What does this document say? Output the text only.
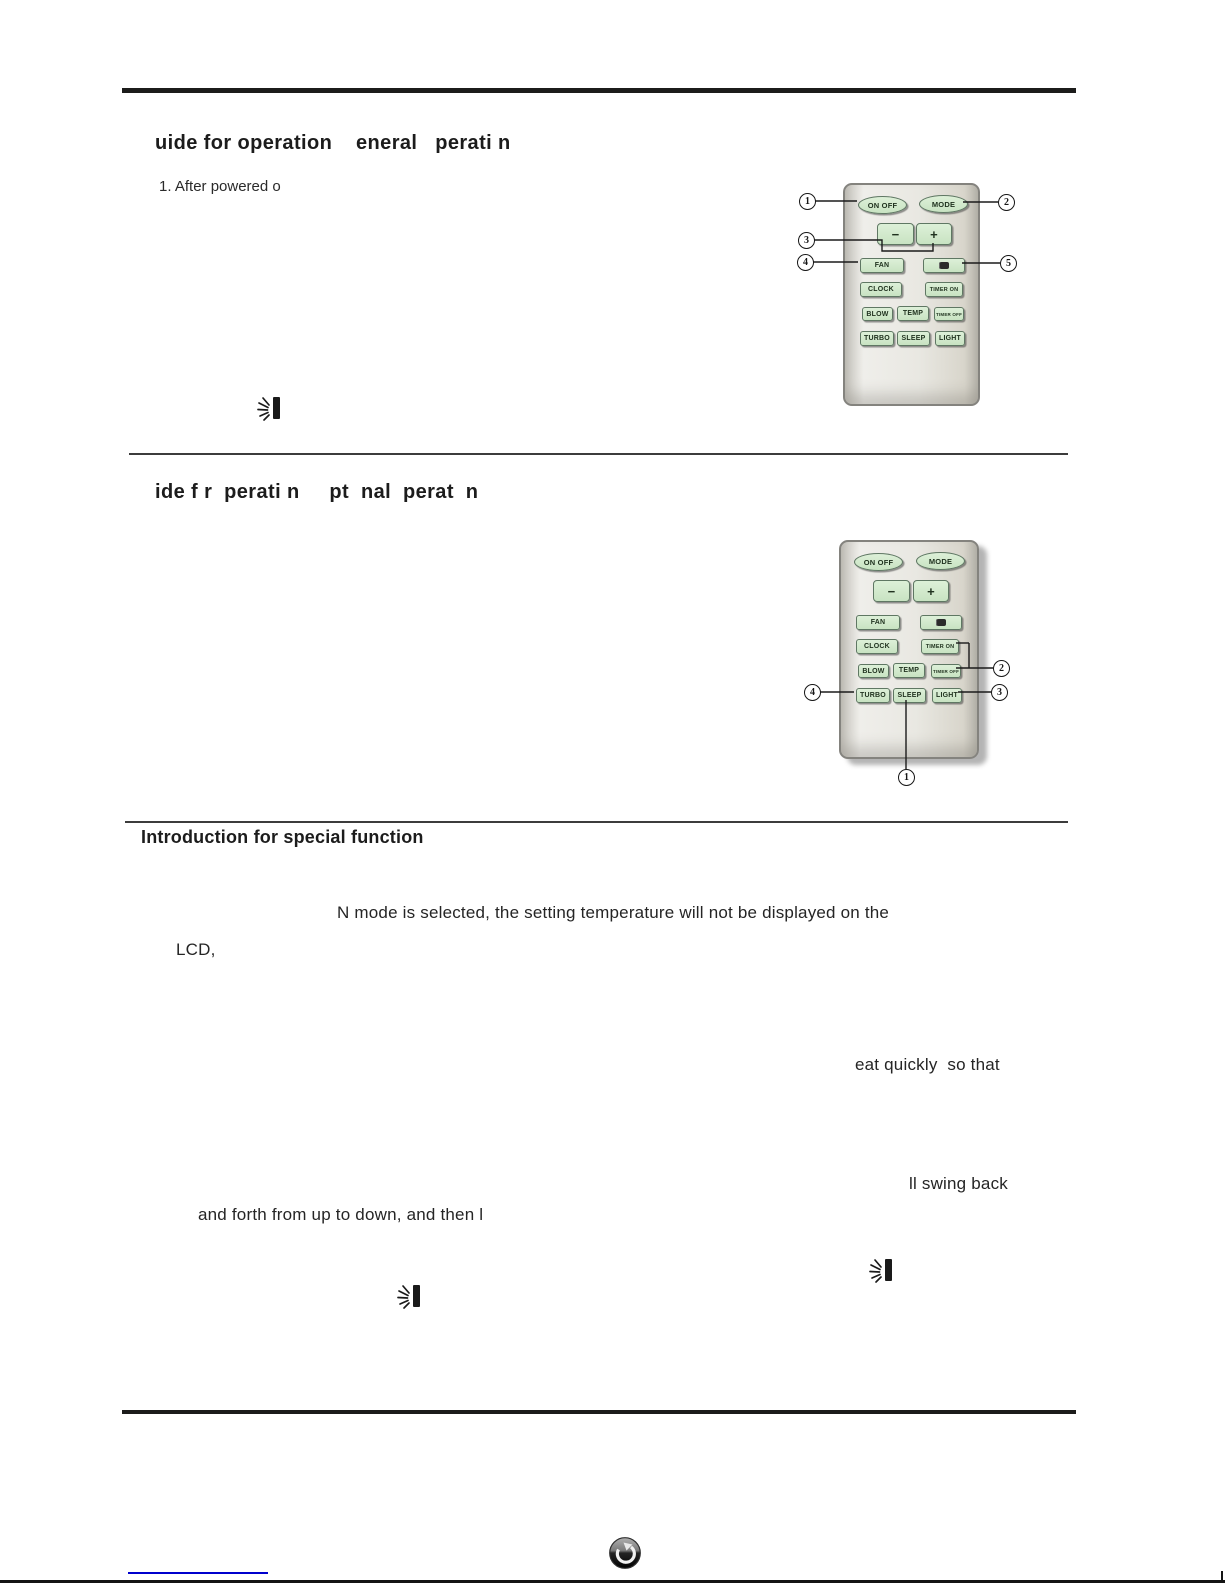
uide for operation    eneral   perati n
1. After powered o
ON OFF	MODE
−	+
FAN
CLOCK	TIMER ON
BLOW	TEMP	TIMER OFF
TURBO	SLEEP	LIGHT
1	2
3
4	5
ide f r  perati n     pt  nal  perat  n
ON OFF	MODE
−	+
FAN
CLOCK	TIMER ON
BLOW	TEMP	TIMER OFF
TURBO	SLEEP	LIGHT
2
3
4
1
Introduction for special function
N mode is selected, the setting temperature will not be displayed on the
LCD,
eat quickly  so that
ll swing back
and forth from up to down, and then l
